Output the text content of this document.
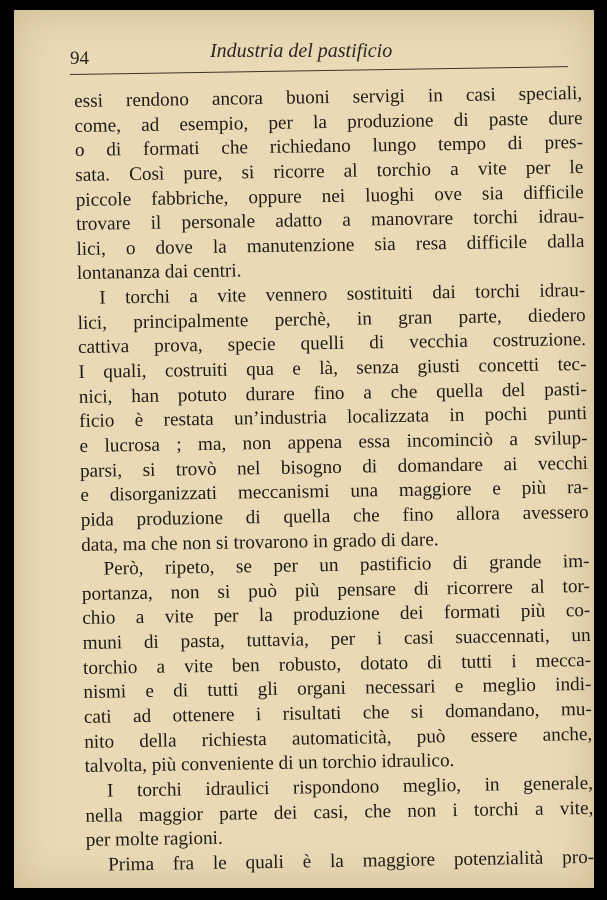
94	Industria del pastificio
essi rendono ancora buoni servigi in casi speciali,
come, ad esempio, per la produzione di paste dure
o di formati che richiedano lungo tempo di pres-
sata. Così pure, si ricorre al torchio a vite per le
piccole fabbriche, oppure nei luoghi ove sia difficile
trovare il personale adatto a manovrare torchi idrau-
lici, o dove la manutenzione sia resa difficile dalla
lontananza dai centri.
I torchi a vite vennero sostituiti dai torchi idrau-
lici, principalmente perchè, in gran parte, diedero
cattiva prova, specie quelli di vecchia costruzione.
I quali, costruiti qua e là, senza giusti concetti tec-
nici, han potuto durare fino a che quella del pasti-
ficio è restata un’industria localizzata in pochi punti
e lucrosa ; ma, non appena essa incominciò a svilup-
parsi, si trovò nel bisogno di domandare ai vecchi
e disorganizzati meccanismi una maggiore e più ra-
pida produzione di quella che fino allora avessero
data, ma che non si trovarono in grado di dare.
Però, ripeto, se per un pastificio di grande im-
portanza, non si può più pensare di ricorrere al tor-
chio a vite per la produzione dei formati più co-
muni di pasta, tuttavia, per i casi suaccennati, un
torchio a vite ben robusto, dotato di tutti i mecca-
nismi e di tutti gli organi necessari e meglio indi-
cati ad ottenere i risultati che si domandano, mu-
nito della richiesta automaticità, può essere anche,
talvolta, più conveniente di un torchio idraulico.
I torchi idraulici rispondono meglio, in generale,
nella maggior parte dei casi, che non i torchi a vite,
per molte ragioni.
Prima fra le quali è la maggiore potenzialità pro-
